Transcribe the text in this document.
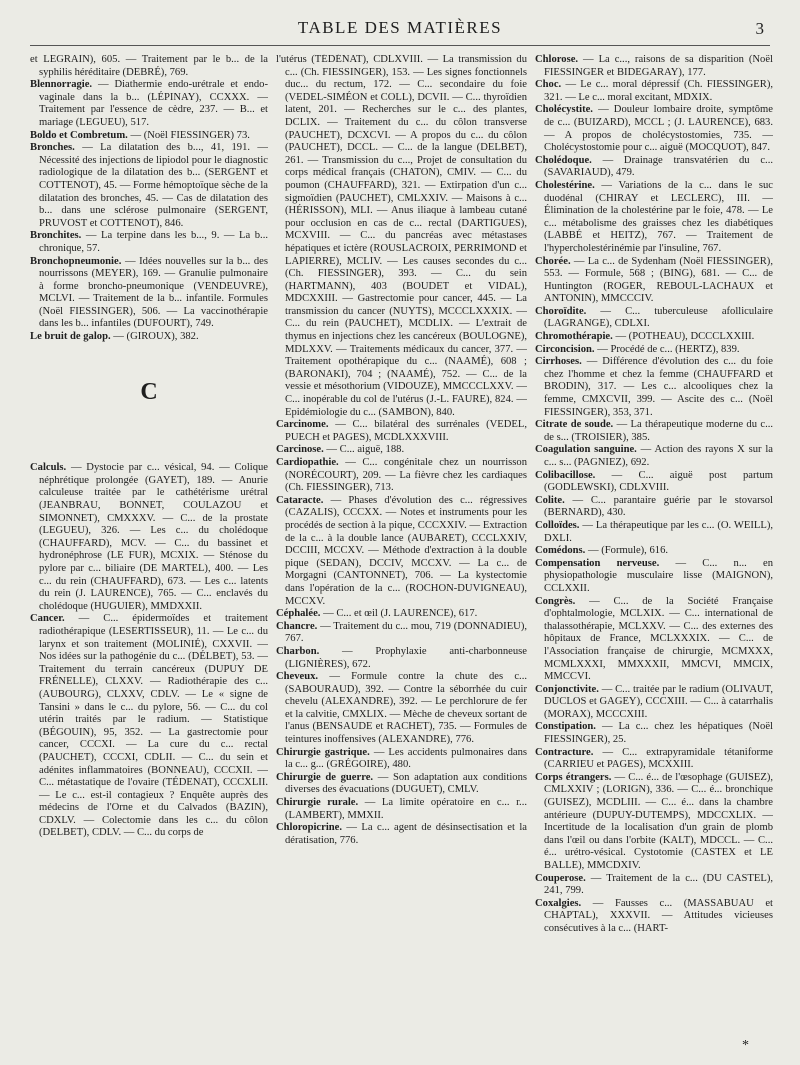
TABLE DES MATIÈRES	3

et LEGRAIN), 605. — Traitement par le b... de la syphilis héréditaire (DEBRÉ), 769.

Blennorragie. — Diathermie endo-urétrale et endo-vaginale dans la b... (LÉPINAY), CCXXX. — Traitement par l'essence de cèdre, 237. — B... et mariage (LEGUEU), 517.

Boldo et Combretum. — (Noël FIESSINGER) 73.

Bronches. — La dilatation des b..., 41, 191. — Nécessité des injections de lipiodol pour le diagnostic radiologique de la dilatation des b... (SERGENT et COTTENOT), 45. — Forme hémoptoïque sèche de la dilatation des bronches, 45. — Cas de dilatation des b... dans une sclérose pulmonaire (SERGENT, PRUVOST et COTTENOT), 846.

Bronchites. — La terpine dans les b..., 9. — La b... chronique, 57.

Bronchopneumonie. — Idées nouvelles sur la b... des nourrissons (MEYER), 169. — Granulie pulmonaire à forme broncho-pneumonique (VENDEUVRE), MCLVI. — Traitement de la b... infantile. Formules (Noël FIESSINGER), 506. — La vaccinothérapie dans les b... infantiles (DUFOURT), 749.

Le bruit de galop. — (GIROUX), 382.

C

Calculs. — Dystocie par c... vésical, 94. — Colique néphrétique prolongée (GAYET), 189. — Anurie calculeuse traitée par le cathétérisme urétral (JEANBRAU, BONNET, COULAZOU et SIMONNET), CMXXXV. — C... de la prostate (LEGUEU), 326. — Les c... du cholédoque (CHAUFFARD), MCV. — C... du bassinet et hydronéphrose (LE FUR), MCXIX. — Sténose du pylore par c... biliaire (DE MARTEL), 400. — Les c... du rein (CHAUFFARD), 673. — Les c... latents du rein (J. LAURENCE), 765. — C... enclavés du cholédoque (HUGUIER), MMDXXII.

Cancer. — C... épidermoïdes et traitement radiothérapique (LESERTISSEUR), 11. — Le c... du larynx et son traitement (MOLINIÉ), CXXVII. — Nos idées sur la pathogénie du c... (DÉLBET), 53. — Traitement du terrain cancéreux (DUPUY DE FRÉNELLE), CLXXV. — Radiothérapie des c... (AUBOURG), CLXXV, CDLV. — Le « signe de Tansini » dans le c... du pylore, 56. — C... du col utérin traités par le radium. — Statistique (BÉGOUIN), 95, 352. — La gastrectomie pour cancer, CCCXI. — La cure du c... rectal (PAUCHET), CCCXI, CDLII. — C... du sein et adénites inflammatoires (BONNEAU), CCCXII. — C... métastatique de l'ovaire (TÉDENAT), CCCXLII. — Le c... est-il contagieux ? Enquête auprès des médecins de l'Orne et du Calvados (BAZIN), CDXLV. — Colectomie dans les c... du côlon (DELBET), CDLV. — C... du corps de

l'utérus (TÉDÉNAT), CDLXVIII. — La transmission du c... (Ch. FIESSINGER), 153. — Les signes fonctionnels duc... du rectum, 172. — C... secondaire du foie (VEDEL-SIMÉON et COLL), DCVII. — C... thyroïdien latent, 201. — Recherches sur le c... des plantes, DCLIX. — Traitement du c... du côlon transverse (PAUCHET), DCXCVI. — A propos du c... du côlon (PAUCHET), DCCL. — C... de la langue (DELBET), 261. — Transmission du c..., Projet de consultation du corps médical français (CHATON), CMIV. — C... du poumon (CHAUFFARD), 321. — Extirpation d'un c... sigmoïdien (PAUCHET), CMLXXIV. — Maisons à c... (HÉRISSON), MLI. — Anus iliaque à lambeau cutané pour occlusion en cas de c... rectal (DARTIGUES), MCXVIII. — C... du pancréas avec métastases hépatiques et ictère (ROUSLACROIX, PERRIMOND et LAPIERRE), MCLIV. — Les causes secondes du c... (Ch. FIESSINGER), 393. — C... du sein (HARTMANN), 403 (BOUDET et VIDAL), MDCXXIII. — Gastrectomie pour cancer, 445. — La transmission du cancer (NUYTS), MCCCLXXXIX. — C... du rein (PAUCHET), MCDLIX. — L'extrait de thymus en injections chez les cancéreux (BOULOGNE), MDLXXV. — Traitements médicaux du cancer, 377. — Traitement opothérapique du c... (NAAMÉ), 608 ; (BARONAKI), 704 ; (NAAMÉ), 752. — C... de la vessie et mésothorium (VIDOUZE), MMCCCLXXV. — C... inopérable du col de l'utérus (J.-L. FAURE), 824. — Epidémiologie du c... (SAMBON), 840.

Carcinome. — C... bilatéral des surrénales (VEDEL, PUECH et PAGES), MCDLXXXVIII.

Carcinose. — C... aiguë, 188.

Cardiopathie. — C... congénitale chez un nourrisson (NORÉCOURT), 209. — La fièvre chez les cardiaques (Ch. FIESSINGER), 713.

Cataracte. — Phases d'évolution des c... régressives (CAZALIS), CCCXX. — Notes et instruments pour les procédés de section à la pique, CCCXXIV. — Extraction de la c... à la double lance (AUBARET), CCCLXXIV, DCCIII, MCCXV. — Méthode d'extraction à la double pique (SEDAN), DCCIV, MCCXV. — La c... de Morgagni (CANTONNET), 706. — La kystectomie dans l'opération de la c... (ROCHON-DUVIGNEAU), MCCXV.

Céphalée. — C... et œil (J. LAURENCE), 617.

Chancre. — Traitement du c... mou, 719 (DONNADIEU), 767.

Charbon. — Prophylaxie anti-charbonneuse (LIGNIÈRES), 672.

Cheveux. — Formule contre la chute des c... (SABOURAUD), 392. — Contre la séborrhée du cuir chevelu (ALEXANDRE), 392. — Le perchlorure de fer et la calvitie, CMXLIX. — Mèche de cheveux sortant de l'anus (BENSAUDE et RACHET), 735. — Formules de teintures inoffensives (ALEXANDRE), 776.

Chirurgie gastrique. — Les accidents pulmonaires dans la c... g... (GRÉGOIRE), 480.

Chirurgie de guerre. — Son adaptation aux conditions diverses des évacuations (DUGUET), CMLV.

Chirurgie rurale. — La limite opératoire en c... r... (LAMBERT), MMXII.

Chloropicrine. — La c... agent de désinsectisation et la dératisation, 776.

Chlorose. — La c..., raisons de sa disparition (Noël FIESSINGER et BIDEGARAY), 177.

Choc. — Le c... moral dépressif (Ch. FIESSINGER), 321. — Le c... moral excitant, MDXIX.

Cholécystite. — Douleur lombaire droite, symptôme de c... (BUIZARD), MCCL ; (J. LAURENCE), 683. — A propos de cholécystostomies, 735. — Cholécystostomie pour c... aiguë (MOCQUOT), 847.

Cholédoque. — Drainage transvatérien du c... (SAVARIAUD), 479.

Cholestérine. — Variations de la c... dans le suc duodénal (CHIRAY et LECLERC), III. — Élimination de la cholestérine par le foie, 478. — Le c... métabolisme des graisses chez les diabétiques (LABBÉ et HEITZ), 767. — Traitement de l'hypercholestérinémie par l'insuline, 767.

Chorée. — La c... de Sydenham (Noël FIESSINGER), 553. — Formule, 568 ; (BING), 681. — C... de Huntington (ROGER, REBOUL-LACHAUX et ANTONIN), MMCCCIV.

Choroïdite. — C... tuberculeuse afolliculaire (LAGRANGE), CDLXI.

Chromothérapie. — (POTHEAU), DCCCLXXIII.

Circoncision. — Procédé de c... (HERTZ), 839.

Cirrhoses. — Différence d'évolution des c... du foie chez l'homme et chez la femme (CHAUFFARD et BRODIN), 317. — Les c... alcooliques chez la femme, CMXCVII, 399. — Ascite des c... (Noël FIESSINGER), 353, 371.

Citrate de soude. — La thérapeutique moderne du c... de s... (TROISIER), 385.

Coagulation sanguine. — Action des rayons X sur la c... s... (PAGNIEZ), 692.

Colibacillose. — C... aiguë post partum (GODLEWSKI), CDLXVIII.

Colite. — C... parantaire guérie par le stovarsol (BERNARD), 430.

Colloïdes. — La thérapeutique par les c... (O. WEILL), DXLI.

Comédons. — (Formule), 616.

Compensation nerveuse. — C... n... en physiopathologie musculaire lisse (MAIGNON), CCLXXII.

Congrès. — C... de la Société Française d'ophtalmologie, MCLXIX. — C... international de thalassothérapie, MCLXXV. — C... des externes des hôpitaux de France, MCLXXXIX. — C... de l'Association française de chirurgie, MCMXXX, MCMLXXXI, MMXXXII, MMCVI, MMCIX, MMCCVI.

Conjonctivite. — C... traitée par le radium (OLIVAUT, DUCLOS et GAGEY), CCCXIII. — C... à catarrhalis (MORAX), MCCCXIII.

Constipation. — La c... chez les hépatiques (Noël FIESSINGER), 25.

Contracture. — C... extrapyramidale tétaniforme (CARRIEU et PAGES), MCXXIII.

Corps étrangers. — C... é... de l'œsophage (GUISEZ), CMLXXIV ; (LORIGN), 336. — C... é... bronchique (GUISEZ), MCDLIII. — C... é... dans la chambre antérieure (DUPUY-DUTEMPS), MDCCXLIX. — Incertitude de la localisation d'un grain de plomb dans l'œil ou dans l'orbite (KALT), MDCCL. — C... é... urétro-vésical. Cystotomie (CASTEX et LE BALLE), MMCDXIV.

Couperose. — Traitement de la c... (DU CASTEL), 241, 799.

Coxalgies. — Fausses c... (MASSABUAU et CHAPTAL), XXXVII. — Attitudes vicieuses consécutives à la c... (HART-

*
